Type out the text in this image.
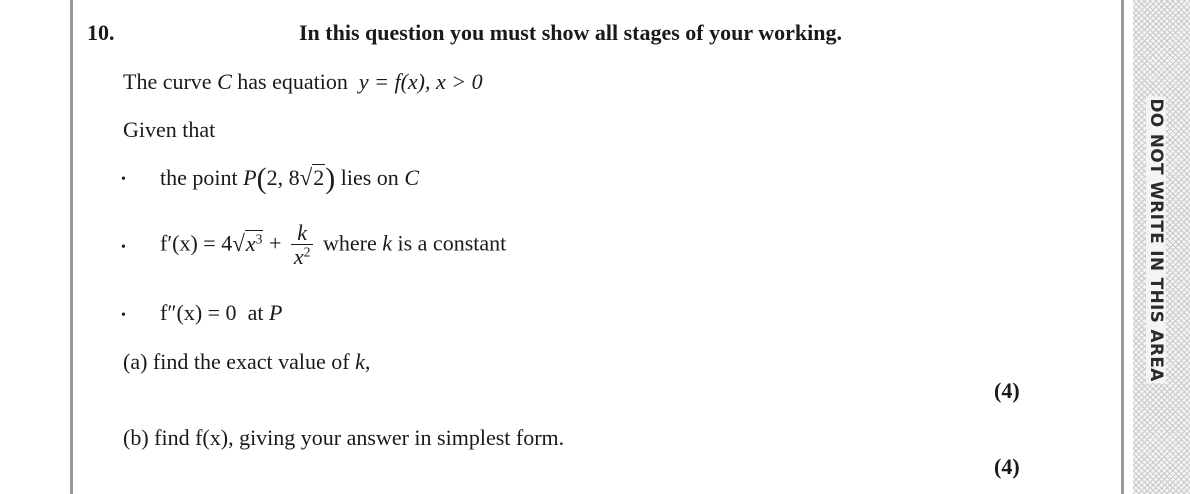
DO NOT WRITE IN THIS AREA
10.	In this question you must show all stages of your working.
The curve C has equation y = f(x), x > 0
Given that
• the point P(2, 8√2) lies on C
• $f'(x) = 4√x^3 + \frac{k}{x^2}$ where k is a constant
• f″(x) = 0 at P
(a) find the exact value of k,
(4)
(b) find f(x), giving your answer in simplest form.
(4)
